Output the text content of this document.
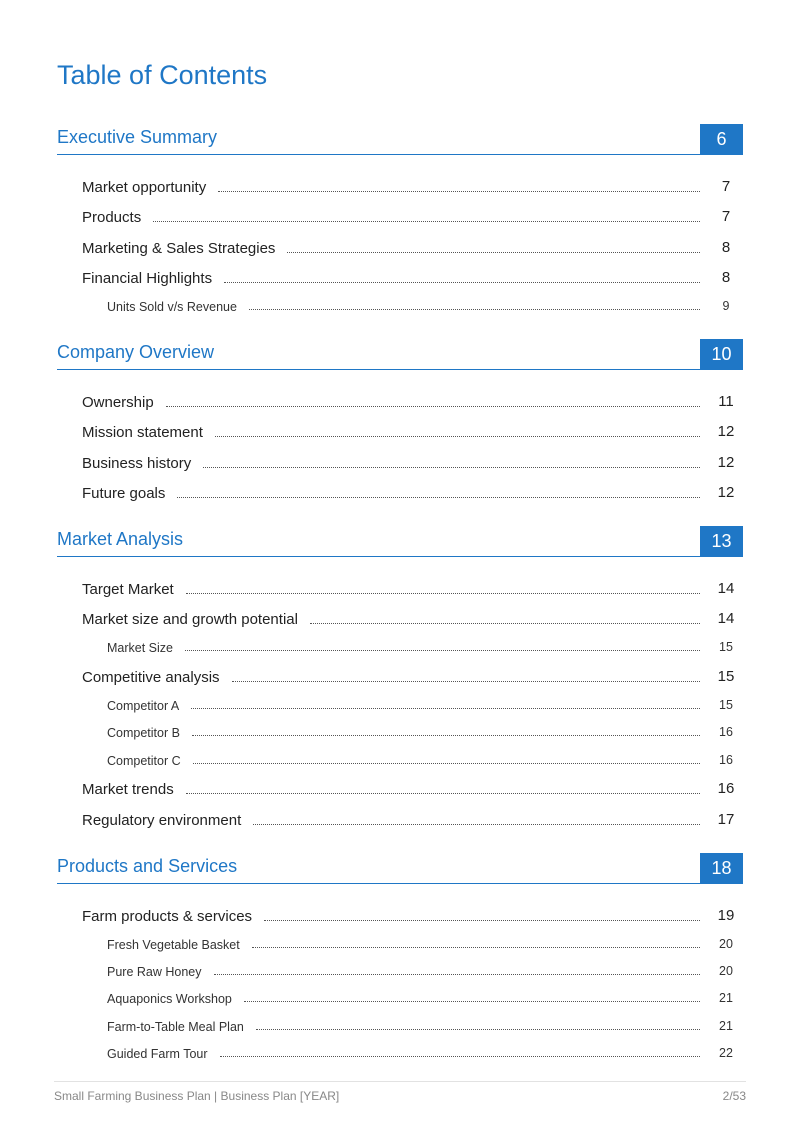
Table of Contents
Executive Summary	6
Market opportunity	7
Products	7
Marketing & Sales Strategies	8
Financial Highlights	8
Units Sold v/s Revenue	9
Company Overview	10
Ownership	11
Mission statement	12
Business history	12
Future goals	12
Market Analysis	13
Target Market	14
Market size and growth potential	14
Market Size	15
Competitive analysis	15
Competitor A	15
Competitor B	16
Competitor C	16
Market trends	16
Regulatory environment	17
Products and Services	18
Farm products & services	19
Fresh Vegetable Basket	20
Pure Raw Honey	20
Aquaponics Workshop	21
Farm-to-Table Meal Plan	21
Guided Farm Tour	22
Small Farming Business Plan | Business Plan [YEAR]	2/53
